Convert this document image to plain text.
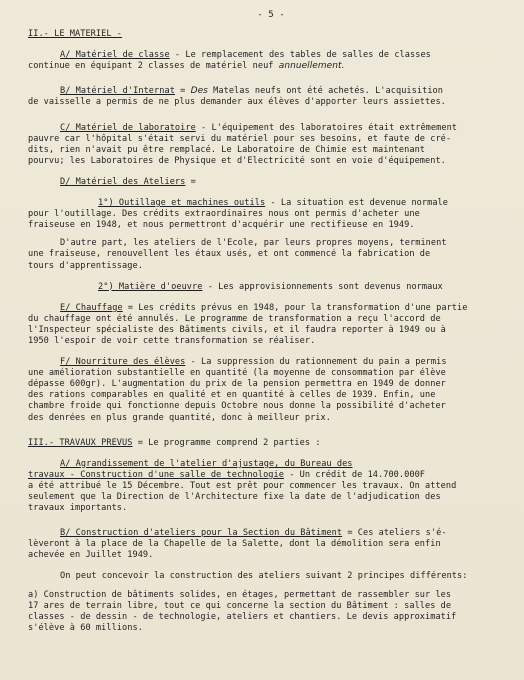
- 5 -
II.- LE MATERIEL -
A/ Matériel de classe - Le remplacement des tables de salles de classes
continue en équipant 2 classes de matériel neuf annuellement.
B/ Matériel d'Internat = Des Matelas neufs ont été achetés. L'acquisition
de vaisselle a permis de ne plus demander aux élèves d'apporter leurs assiettes.
C/ Matériel de laboratoire - L'équipement des laboratoires était extrêmement
pauvre car l'hôpital s'était servi du matériel pour ses besoins, et faute de cré-
dits, rien n'avait pu être remplacé. Le Laboratoire de Chimie est maintenant
pourvu; les Laboratoires de Physique et d'Electricité sont en voie d'équipement.
D/ Matériel des Ateliers =
1°) Outillage et machines outils - La situation est devenue normale
pour l'outillage. Des crédits extraordinaires nous ont permis d'acheter une
fraiseuse en 1948, et nous permettront d'acquérir une rectifieuse en 1949.
D'autre part, les ateliers de l'Ecole, par leurs propres moyens, terminent
une fraiseuse, renouvellent les étaux usés, et ont commencé la fabrication de
tours d'apprentissage.
2°) Matière d'oeuvre - Les approvisionnements sont devenus normaux
E/ Chauffage = Les crédits prévus en 1948, pour la transformation d'une partie
du chauffage ont été annulés. Le programme de transformation a reçu l'accord de
l'Inspecteur spécialiste des Bâtiments civils, et il faudra reporter à 1949 ou à
1950 l'espoir de voir cette transformation se réaliser.
F/ Nourriture des élèves - La suppression du rationnement du pain a permis
une amélioration substantielle en quantité (la moyenne de consommation par élève
dépasse 600gr). L'augmentation du prix de la pension permettra en 1949 de donner
des rations comparables en qualité et en quantité à celles de 1939. Enfin, une
chambre froide qui fonctionne depuis Octobre nous donne la possibilité d'acheter
des denrées en plus grande quantité, donc à meilleur prix.
III.- TRAVAUX PREVUS = Le programme comprend 2 parties :
A/ Agrandissement de l'atelier d'ajustage, du Bureau des
travaux - Construction d'une salle de technologie - Un crédit de 14.700.000F
a été attribué le 15 Décembre. Tout est prêt pour commencer les travaux. On attend
seulement que la Direction de l'Architecture fixe la date de l'adjudication des
travaux importants.
B/ Construction d'ateliers pour la Section du Bâtiment = Ces ateliers s'é-
lèveront à la place de la Chapelle de la Salette, dont la démolition sera enfin
achevée en Juillet 1949.
On peut concevoir la construction des ateliers suivant 2 principes différents:
a) Construction de bâtiments solides, en étages, permettant de rassembler sur les
17 ares de terrain libre, tout ce qui concerne la section du Bâtiment : salles de
classes - de dessin - de technologie, ateliers et chantiers. Le devis approximatif
s'élève à 60 millions.
